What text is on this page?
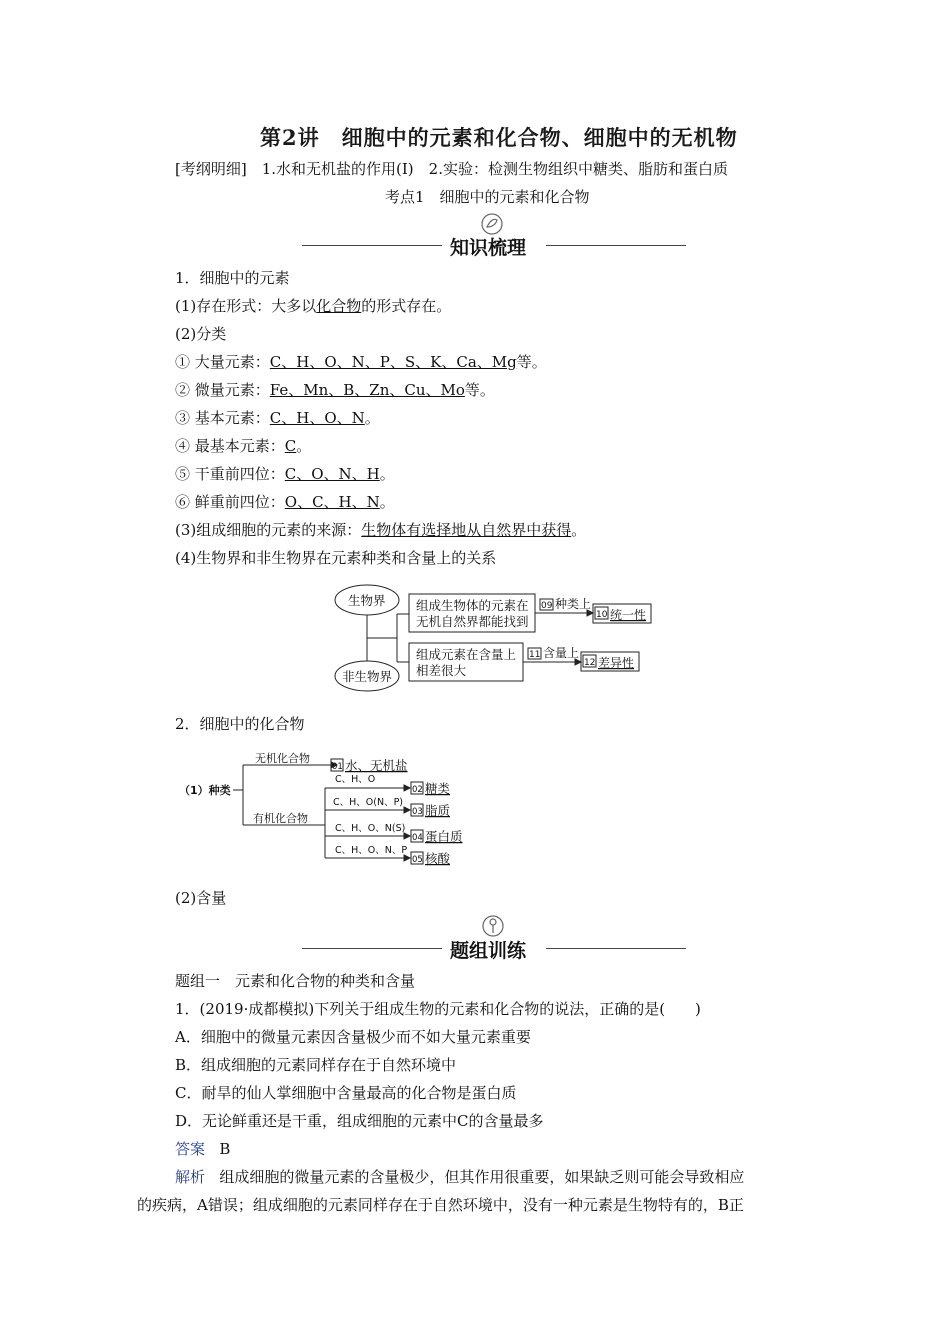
第2讲　细胞中的元素和化合物、细胞中的无机物
[考纲明细]　1.水和无机盐的作用(Ⅰ)　2.实验：检测生物组织中糖类、脂肪和蛋白质
考点1　细胞中的元素和化合物
知识梳理
1．细胞中的元素
(1)存在形式：大多以化合物的形式存在。
(2)分类
① 大量元素：C、H、O、N、P、S、K、Ca、Mg等。
② 微量元素：Fe、Mn、B、Zn、Cu、Mo等。
③ 基本元素：C、H、O、N。
④ 最基本元素：C。
⑤ 干重前四位：C、O、N、H。
⑥ 鲜重前四位：O、C、H、N。
(3)组成细胞的元素的来源：生物体有选择地从自然界中获得。
(4)生物界和非生物界在元素种类和含量上的关系
生物界
非生物界
组成生物体的元素在
无机自然界都能找到
组成元素在含量上
相差很大
09
10
11
12
种类上
统一性
含量上
差异性
2．细胞中的化合物
（1）种类
无机化合物
有机化合物
C、H、O
C、H、O(N、P)
C、H、O、N(S)
C、H、O、N、P
01
02
03
04
05
水、无机盐
糖类
脂质
蛋白质
核酸
(2)含量
题组训练
题组一　元素和化合物的种类和含量
1．(2019·成都模拟)下列关于组成生物的元素和化合物的说法，正确的是(　　)
A．细胞中的微量元素因含量极少而不如大量元素重要
B．组成细胞的元素同样存在于自然环境中
C．耐旱的仙人掌细胞中含量最高的化合物是蛋白质
D．无论鲜重还是干重，组成细胞的元素中C的含量最多
答案 B
解析 组成细胞的微量元素的含量极少，但其作用很重要，如果缺乏则可能会导致相应
的疾病，A错误；组成细胞的元素同样存在于自然环境中，没有一种元素是生物特有的，B正
